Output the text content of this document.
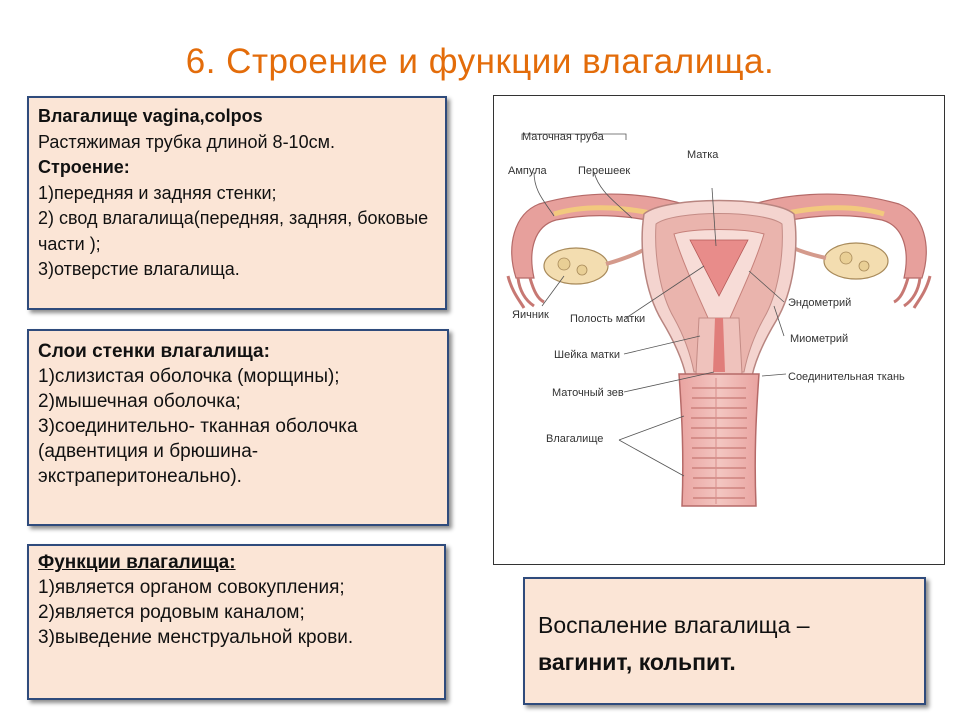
6. Строение и функции влагалища.

Влагалище vagina,colpos

Растяжимая трубка длиной 8-10см.

Строение:

1)передняя и задняя стенки;

2) свод влагалища(передняя, задняя, боковые части );

3)отверстие влагалища.

Слои стенки влагалища:

1)слизистая оболочка (морщины);

2)мышечная оболочка;

3)соединительно- тканная оболочка (адвентиция и брюшина- экстраперитонеально).

Функции влагалища:

1)является органом совокупления;

2)является родовым каналом;

3)выведение менструальной крови.	Воспаление влагалища –

вагинит, кольпит.

Маточная труба
Ампула	Перешеек
Матка
Яичник Полость матки
Эндометрий
Миометрий
Шейка матки
Соединительная ткань
Маточный зев
Влагалище
